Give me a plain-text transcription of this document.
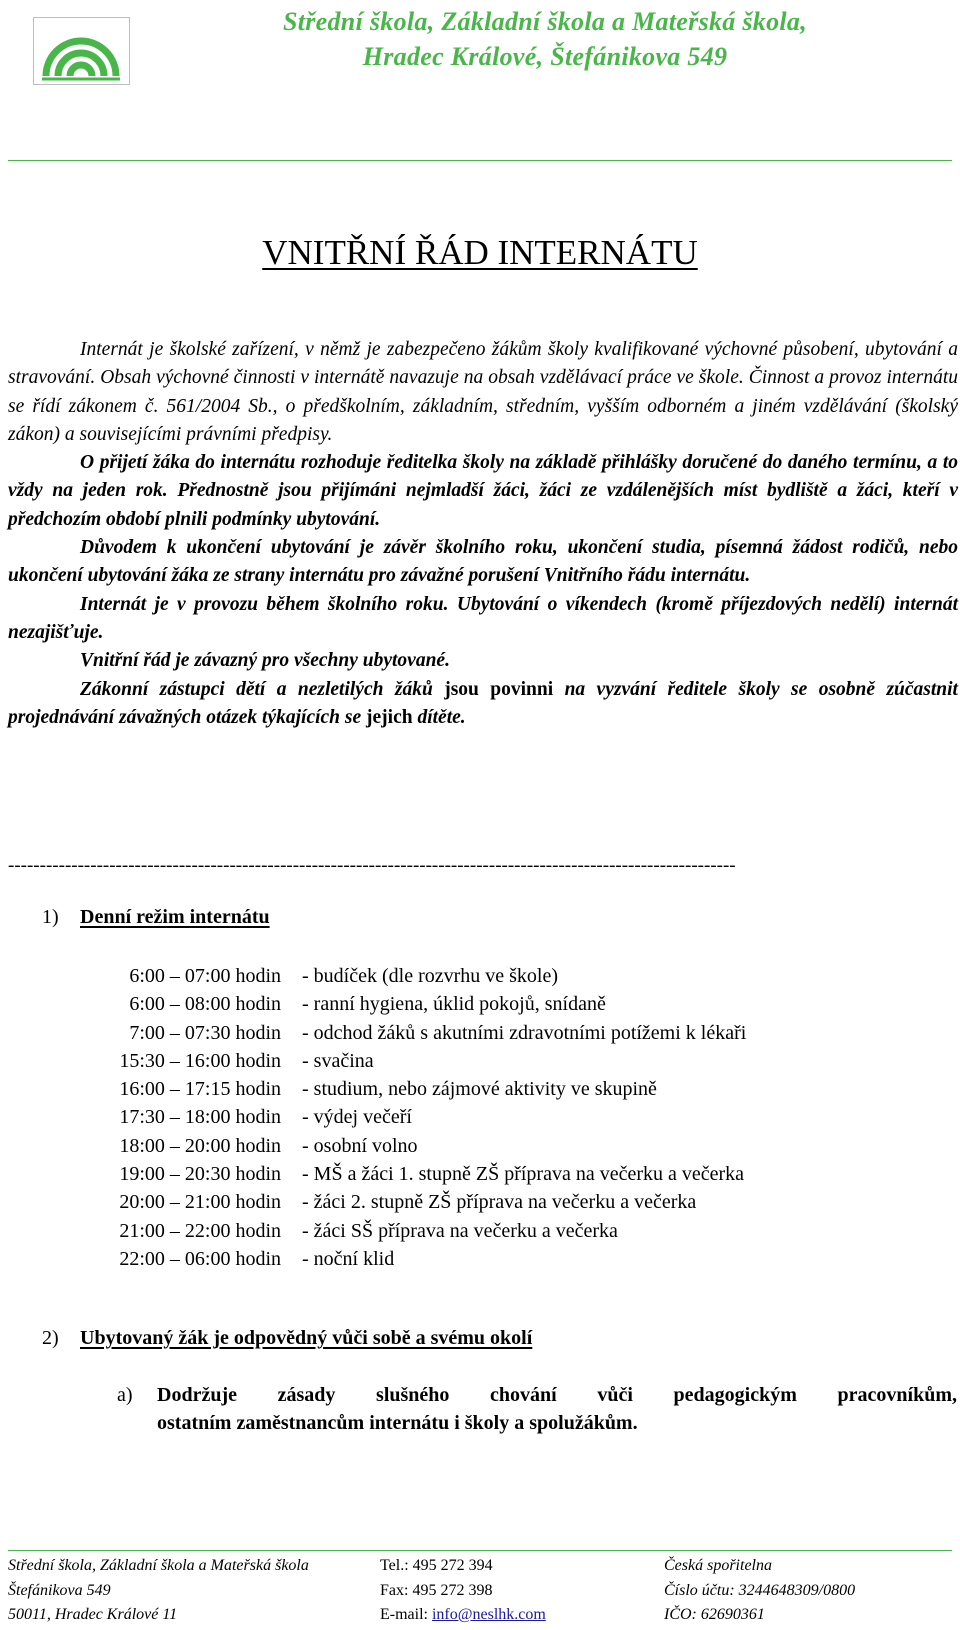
Střední škola, Základní škola a Mateřská škola,
Hradec Králové, Štefánikova 549
VNITŘNÍ ŘÁD INTERNÁTU

Internát je školské zařízení, v němž je zabezpečeno žákům školy kvalifikované výchovné působení, ubytování a stravování. Obsah výchovné činnosti v internátě navazuje na obsah vzdělávací práce ve škole. Činnost a provoz internátu se řídí zákonem č. 561/2004 Sb., o předškolním, základním, středním, vyšším odborném a jiném vzdělávání (školský zákon) a souvisejícími právními předpisy.

O přijetí žáka do internátu rozhoduje ředitelka školy na základě přihlášky doručené do daného termínu, a to vždy na jeden rok. Přednostně jsou přijímáni nejmladší žáci, žáci ze vzdálenějších míst bydliště a žáci, kteří v předchozím období plnili podmínky ubytování.

Důvodem k ukončení ubytování je závěr školního roku, ukončení studia, písemná žádost rodičů, nebo ukončení ubytování žáka ze strany internátu pro závažné porušení Vnitřního řádu internátu.

Internát je v provozu během školního roku. Ubytování o víkendech (kromě příjezdových nedělí) internát nezajišťuje.

Vnitřní řád je závazný pro všechny ubytované.

Zákonní zástupci dětí a nezletilých žáků jsou povinni na vyzvání ředitele školy se osobně zúčastnit projednávání závažných otázek týkajících se jejich dítěte.

-------------------------------------------------------------------------------------------------------------------
1) Denní režim internátu
6:00 – 07:00 hodin - budíček (dle rozvrhu ve škole)
6:00 – 08:00 hodin - ranní hygiena, úklid pokojů, snídaně
7:00 – 07:30 hodin - odchod žáků s akutními zdravotními potížemi k lékaři
15:30 – 16:00 hodin - svačina
16:00 – 17:15 hodin - studium, nebo zájmové aktivity ve skupině
17:30 – 18:00 hodin - výdej večeří
18:00 – 20:00 hodin - osobní volno
19:00 – 20:30 hodin - MŠ a žáci 1. stupně ZŠ příprava na večerku a večerka
20:00 – 21:00 hodin - žáci 2. stupně ZŠ příprava na večerku a večerka
21:00 – 22:00 hodin - žáci SŠ příprava na večerku a večerka
22:00 – 06:00 hodin - noční klid
2) Ubytovaný žák je odpovědný vůči sobě a svému okolí
a) Dodržuje zásady slušného chování vůči pedagogickým pracovníkům,
ostatním zaměstnancům internátu i školy a spolužákům.
Střední škola, Základní škola a Mateřská škola
Štefánikova 549
50011, Hradec Králové 11
Tel.: 495 272 394
Fax: 495 272 398
E-mail: info@neslhk.com
Česká spořitelna
Číslo účtu: 3244648309/0800
IČO: 62690361
